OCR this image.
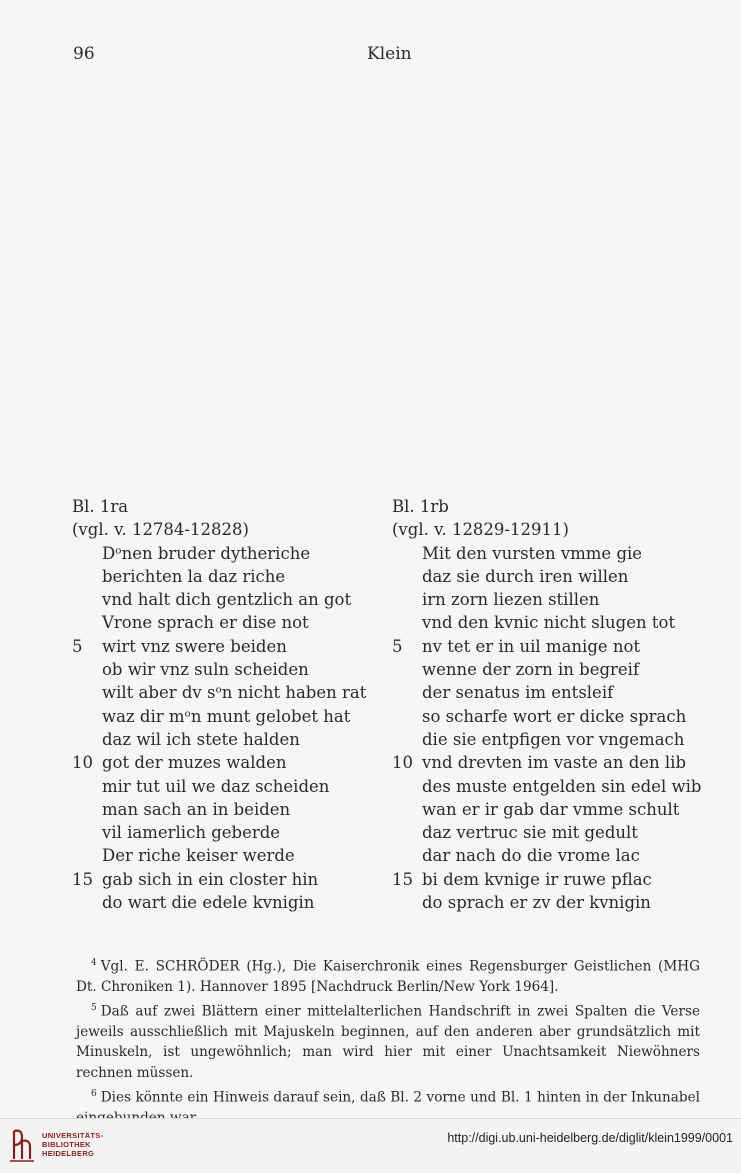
96	Klein
Bl. 1ra
(vgl. v. 12784-12828)
Dᵒnen bruder dytheriche
berichten la daz riche
vnd halt dich gentzlich an got
Vrone sprach er dise not
5	wirt vnz swere beiden
ob wir vnz suln scheiden
wilt aber dv sᵒn nicht haben rat
waz dir mᵒn munt gelobet hat
daz wil ich stete halden
10 got der muzes walden
mir tut uil we daz scheiden
man sach an in beiden
vil iamerlich geberde
Der riche keiser werde
15 gab sich in ein closter hin
do wart die edele kvnigin
Bl. 1rb
(vgl. v. 12829-12911)
Mit den vursten vmme gie
daz sie durch iren willen
irn zorn liezen stillen
vnd den kvnic nicht slugen tot
5	nv tet er in uil manige not
wenne der zorn in begreif
der senatus im entsleif
so scharfe wort er dicke sprach
die sie entpfigen vor vngemach
10 vnd drevten im vaste an den lib
des muste entgelden sin edel wib
wan er ir gab dar vmme schult
daz vertruc sie mit gedult
dar nach do die vrome lac
15 bi dem kvnige ir ruwe pflac
do sprach er zv der kvnigin

$^4$ Vgl. E. SCHRÖDER (Hg.), Die Kaiserchronik eines Regensburger Geistlichen (MHG Dt. Chroniken 1). Hannover 1895 [Nachdruck Berlin/New York 1964].

$^5$ Daß auf zwei Blättern einer mittelalterlichen Handschrift in zwei Spalten die Verse jeweils ausschließlich mit Majuskeln beginnen, auf den anderen aber grundsätzlich mit Minuskeln, ist ungewöhnlich; man wird hier mit einer Unachtsamkeit Niewöhners rechnen müssen.

$^6$ Dies könnte ein Hinweis darauf sein, daß Bl. 2 vorne und Bl. 1 hinten in der Inkunabel

UNIVERSITÄTS-
BIBLIOTHEK
HEIDELBERG
http://digi.ub.uni-heidelberg.de/diglit/klein1999/0001
